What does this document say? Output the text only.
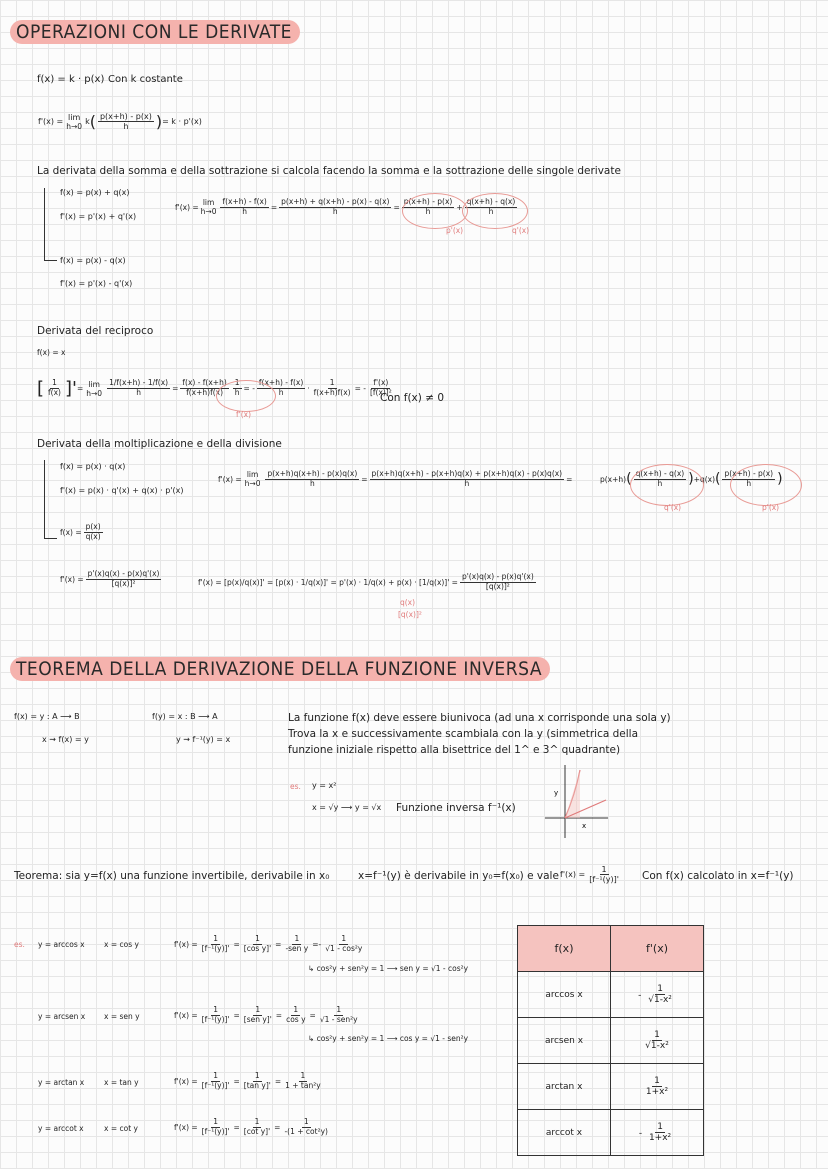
OPERAZIONI CON LE DERIVATE
f(x) = k · p(x) Con k costante
f'(x) = lim
h→0 k ( $\frac{p(x+h) - p(x)}{h}$ ) = k · p'(x)
La derivata della somma e della sottrazione si calcola facendo la somma e la sottrazione delle singole derivate
f(x) = p(x) + q(x)
f'(x) = p'(x) + q'(x)
f(x) = p(x) - q(x)
f'(x) = p'(x) - q'(x)
f'(x) = lim
$h\to 0 \frac{f(x+h) - f(x)}{h} = \frac{p(x+h) + q(x+h) - p(x) - q(x)}{h} = \frac{p(x+h) - p(x)}{h} + \frac{q(x+h) - q(x)}{h}$
p'(x)	q'(x)
Derivata del reciproco
f(x) = x
[ $\frac{1}{f(x)}$ ]' = lim
$h\to 0 \frac{1/f(x+h) - 1/f(x)}{h} = \frac{f(x) - f(x+h)}{f(x+h)f(x)} \frac{1}{h}$ = - $\frac{f(x+h) - f(x)}{h} \cdot \frac{1}{f(x+h)f(x)}$ = - $\frac{f'(x)}{\text{[f(x)]²}}$
f'(x)
Con f(x) ≠ 0
Derivata della moltiplicazione e della divisione
f(x) = p(x) · q(x)
f'(x) = p(x) · q'(x) + q(x) · p'(x)
f'(x) = lim
$h\to 0 \frac{p(x+h)q(x+h) - p(x)q(x)}{h} = \frac{p(x+h)q(x+h) - p(x+h)q(x) + p(x+h)q(x) - p(x)q(x)}{h}$ =	p(x+h) ( $\frac{q(x+h) - q(x)}{h}$ ) + q(x) ( $\frac{p(x+h) - p(x)}{h}$ )
q'(x)	p'(x)
$f(x) = \frac{p(x)}{q(x)}$
$f'(x) = \frac{p'(x)q(x) - p(x)q'(x)}{\text{[q(x)]²}}$	$f'(x) = [p(x)/q(x)]' = [p(x) \cdot 1/q(x)]' = p'(x) \cdot 1/q(x) + p(x) \cdot [1/q(x)]' = \frac{p'(x)q(x) - p(x)q'(x)}{\text{[q(x)]²}}$
q(x)
[q(x)]²
TEOREMA DELLA DERIVAZIONE DELLA FUNZIONE INVERSA
f(x) = y : A ⟶ B
x ⇝ f(x) = y
f(y) = x : B ⟶ A
y ⇝ f⁻¹(y) = x
La funzione f(x) deve essere biunivoca (ad una x corrisponde una sola y)
Trova la x e successivamente scambiala con la y (simmetrica della
funzione iniziale rispetto alla bisettrice del 1^ e 3^ quadrante)
es. y = x²
x = √y ⟶ y = √x Funzione inversa f⁻¹(x)
y
x
Teorema: sia y=f(x) una funzione invertibile, derivabile in x₀	x=f⁻¹(y) è derivabile in y₀=f(x₀) e vale $f'(x) = \frac{1}{\text{[f⁻¹(y)]'}}$ Con f(x) calcolato in x=f⁻¹(y)
es. y = arccos x	x = cos y	$f'(x) = \frac{1}{\text{[f⁻¹(y)]'}} = \frac{1}{\text{[cos y]'}} = \frac{1}{\text{-sen y}}$ = - $\frac{1}{\text{√1 - cos²y}}$
↳ cos²y + sen²y = 1 ⟶ sen y = √1 - cos²y
y = arcsen x	x = sen y	$f'(x) = \frac{1}{\text{[f⁻¹(y)]'}} = \frac{1}{\text{[sen y]'}} = \frac{1}{\text{cos y}} = \frac{1}{\text{√1 - sen²y}}$
↳ cos²y + sen²y = 1 ⟶ cos y = √1 - sen²y
y = arctan x	x = tan y	$f'(x) = \frac{1}{\text{[f⁻¹(y)]'}} = \frac{1}{\text{[tan y]'}} = \frac{1}{\text{1 + tan²y}}$
y = arccot x	x = cot y	$f'(x) = \frac{1}{\text{[f⁻¹(y)]'}} = \frac{1}{\text{[cot y]'}} = \frac{1}{\text{-(1 + cot²y)}}$
f(x)	f'(x)
arccos x	- $\frac{1}{\text{√1-x²}}$

arcsen x	$\frac{1}{\text{√1-x²}}$

arctan x	$\frac{1}{\text{1+x²}}$

arccot x	- $\frac{1}{\text{1+x²}}$
